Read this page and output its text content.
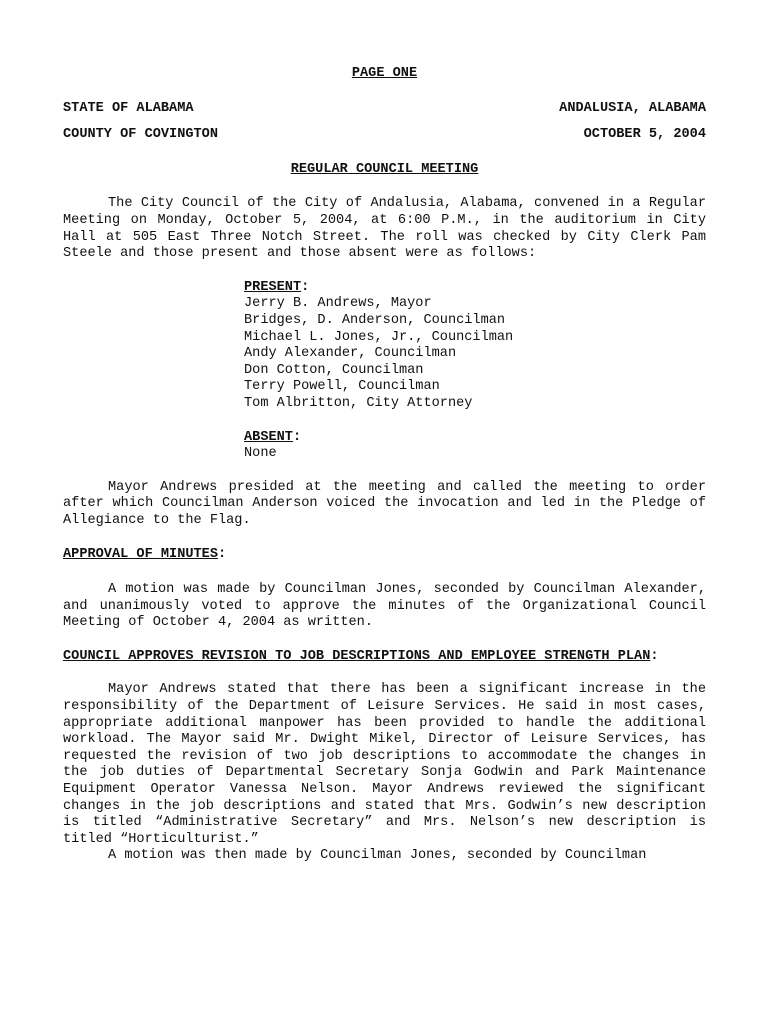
PAGE ONE
STATE OF ALABAMA	ANDALUSIA, ALABAMA
COUNTY OF COVINGTON	OCTOBER 5, 2004
REGULAR COUNCIL MEETING
The City Council of the City of Andalusia, Alabama, convened in a Regular Meeting on Monday, October 5, 2004, at 6:00 P.M., in the auditorium in City Hall at 505 East Three Notch Street. The roll was checked by City Clerk Pam Steele and those present and those absent were as follows:
PRESENT:
Jerry B. Andrews, Mayor
Bridges, D. Anderson, Councilman
Michael L. Jones, Jr., Councilman
Andy Alexander, Councilman
Don Cotton, Councilman
Terry Powell, Councilman
Tom Albritton, City Attorney
ABSENT:
None
Mayor Andrews presided at the meeting and called the meeting to order after which Councilman Anderson voiced the invocation and led in the Pledge of Allegiance to the Flag.
APPROVAL OF MINUTES:
A motion was made by Councilman Jones, seconded by Councilman Alexander, and unanimously voted to approve the minutes of the Organizational Council Meeting of October 4, 2004 as written.
COUNCIL APPROVES REVISION TO JOB DESCRIPTIONS AND EMPLOYEE STRENGTH PLAN:
Mayor Andrews stated that there has been a significant increase in the responsibility of the Department of Leisure Services. He said in most cases, appropriate additional manpower has been provided to handle the additional workload. The Mayor said Mr. Dwight Mikel, Director of Leisure Services, has requested the revision of two job descriptions to accommodate the changes in the job duties of Departmental Secretary Sonja Godwin and Park Maintenance Equipment Operator Vanessa Nelson. Mayor Andrews reviewed the significant changes in the job descriptions and stated that Mrs. Godwin’s new description is titled “Administrative Secretary” and Mrs. Nelson’s new description is titled “Horticulturist.”
A motion was then made by Councilman Jones, seconded by Councilman
